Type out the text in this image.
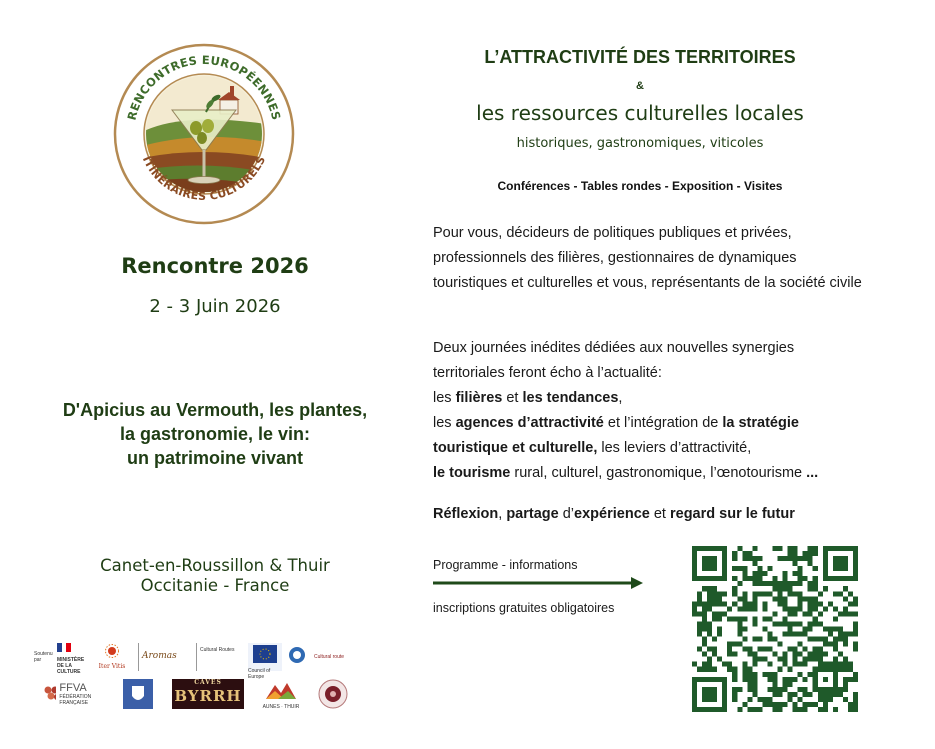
RENCONTRES EUROPÉENNES
ITINÉRAIRES CULTURELS
Rencontre 2026
2 - 3 Juin 2026
D'Apicius au Vermouth, les plantes,
la gastronomie, le vin:
un patrimoine vivant
Canet-en-Roussillon & Thuir
Occitanie - France
L’ATTRACTIVITÉ DES TERRITOIRES
&
les ressources culturelles locales
historiques, gastronomiques, viticoles
Conférences - Tables rondes - Exposition - Visites
Pour vous, décideurs de politiques publiques et privées, professionnels des filières, gestionnaires de dynamiques touristiques et culturelles et vous, représentants de la société civile
Deux journées inédites dédiées aux nouvelles synergies territoriales feront écho à l’actualité:
les filières et les tendances,
les agences d’attractivité et l’intégration de la stratégie touristique et culturelle, les leviers d’attractivité,
le tourisme rural, culturel, gastronomique, l’œnotourisme ...
Réflexion, partage d’expérience et regard sur le futur
Programme - informations
inscriptions gratuites obligatoires
Soutenu par	MINISTÈRE
DE LA CULTURE
Iter Vitis
Aromas
Cultural Routes
Council of Europe
Cultural route
FFVA
FÉDÉRATION FRANÇAISE
CAVES
BYRRH
AUNES · THUIR
